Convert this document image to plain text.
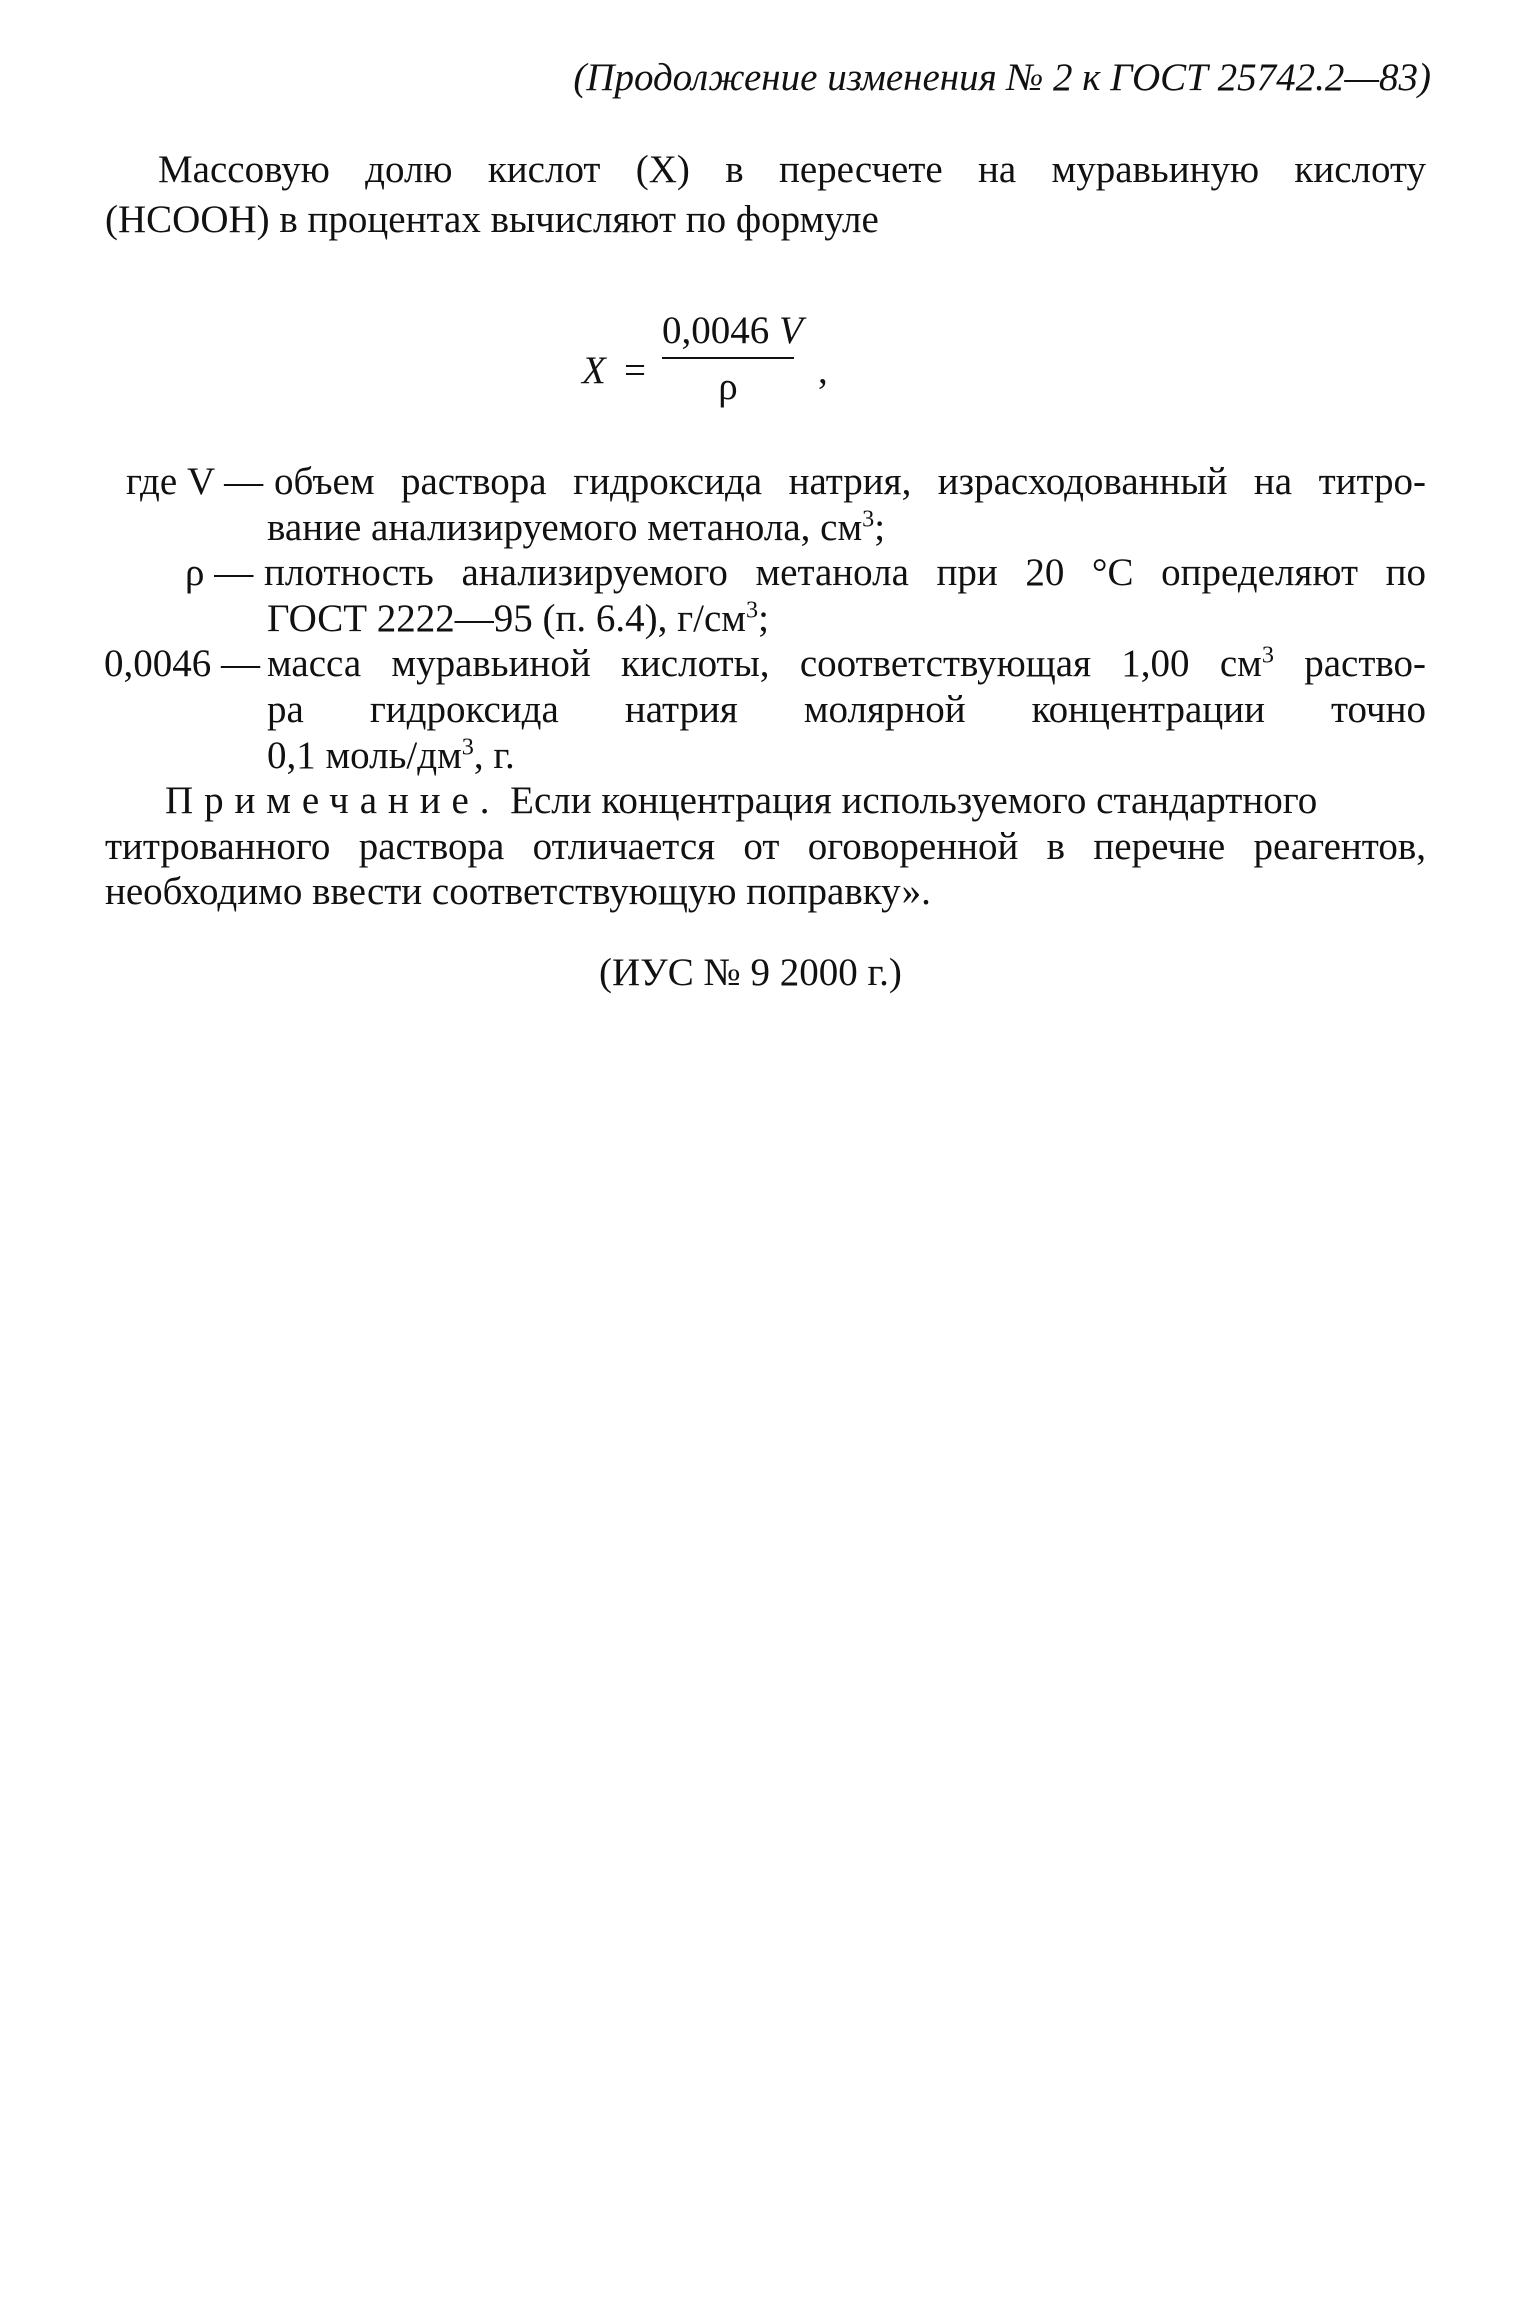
(Продолжение изменения № 2 к ГОСТ 25742.2—83)
Массовую долю кислот (X) в пересчете на муравьиную кислоту
(НСООН) в процентах вычисляют по формуле
X =
0,0046 V
ρ	,
где V — объем раствора гидроксида натрия, израсходованный на титро-
вание анализируемого метанола, $см^3$;
ρ — плотность анализируемого метанола при 20 °С определяют по
ГОСТ 2222—95 (п. 6.4), $г/см^3$;
0,0046 — масса муравьиной кислоты, соответствующая 1,00 $см^3$ раство-
ра гидроксида натрия молярной концентрации точно
0,1 моль/$дм^3$, г.
Примечание. Если концентрация используемого стандартного
титрованного раствора отличается от оговоренной в перечне реагентов,
необходимо ввести соответствующую поправку».
(ИУС № 9 2000 г.)
